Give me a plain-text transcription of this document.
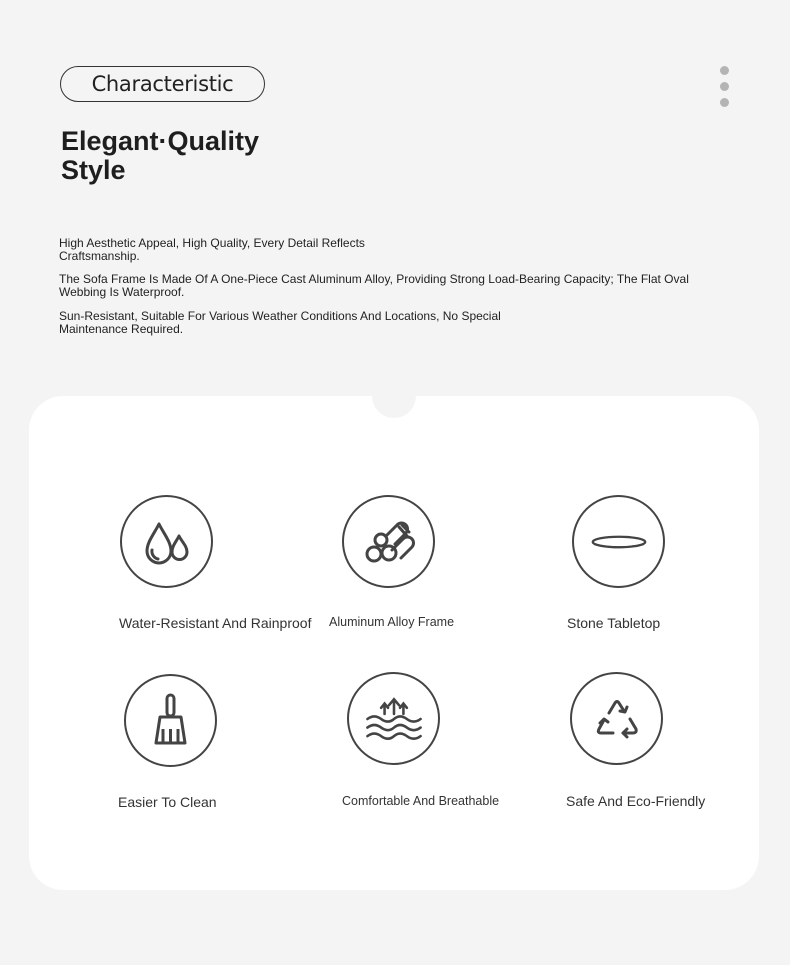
Characteristic
Elegant·Quality
Style

High Aesthetic Appeal, High Quality, Every Detail Reflects Craftsmanship.

The Sofa Frame Is Made Of A One-Piece Cast Aluminum Alloy, Providing Strong Load-Bearing Capacity; The Flat Oval Webbing Is Waterproof.

Sun-Resistant, Suitable For Various Weather Conditions And Locations, No Special Maintenance Required.

Water-Resistant And Rainproof Aluminum Alloy Frame	Stone Tabletop
Easier To Clean	Comfortable And Breathable	Safe And Eco-Friendly
